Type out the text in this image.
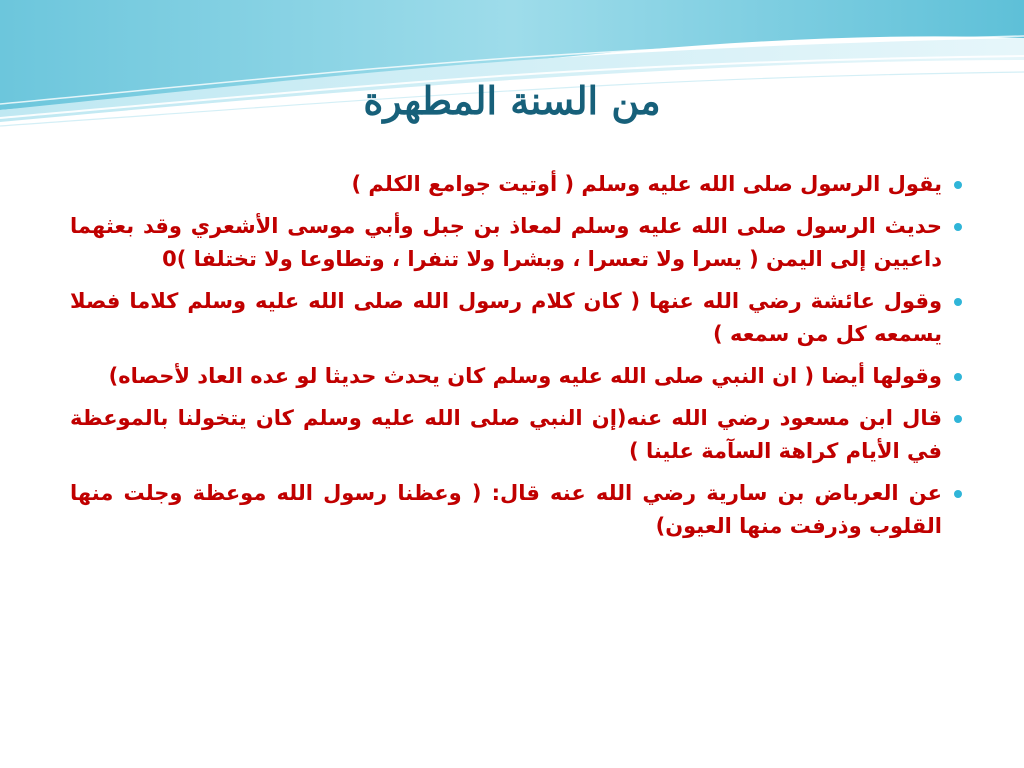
من السنة المطهرة
يقول الرسول صلى الله عليه وسلم ( أوتيت جوامع الكلم )
حديث الرسول صلى الله عليه وسلم لمعاذ بن جبل وأبي موسى الأشعري وقد بعثهما داعيين إلى اليمن ( يسرا ولا تعسرا ، وبشرا ولا تنفرا ، وتطاوعا ولا تختلفا )0
وقول عائشة رضي الله عنها ( كان كلام رسول الله صلى الله عليه وسلم كلاما فصلا يسمعه كل من سمعه )
وقولها أيضا ( ان النبي صلى الله عليه وسلم كان يحدث حديثا لو عده العاد لأحصاه)
قال ابن مسعود رضي الله عنه(إن النبي صلى الله عليه وسلم كان يتخولنا بالموعظة في الأيام كراهة السآمة علينا )
عن العرباض بن سارية رضي الله عنه قال: ( وعظنا رسول الله موعظة وجلت منها القلوب وذرفت منها العيون)
